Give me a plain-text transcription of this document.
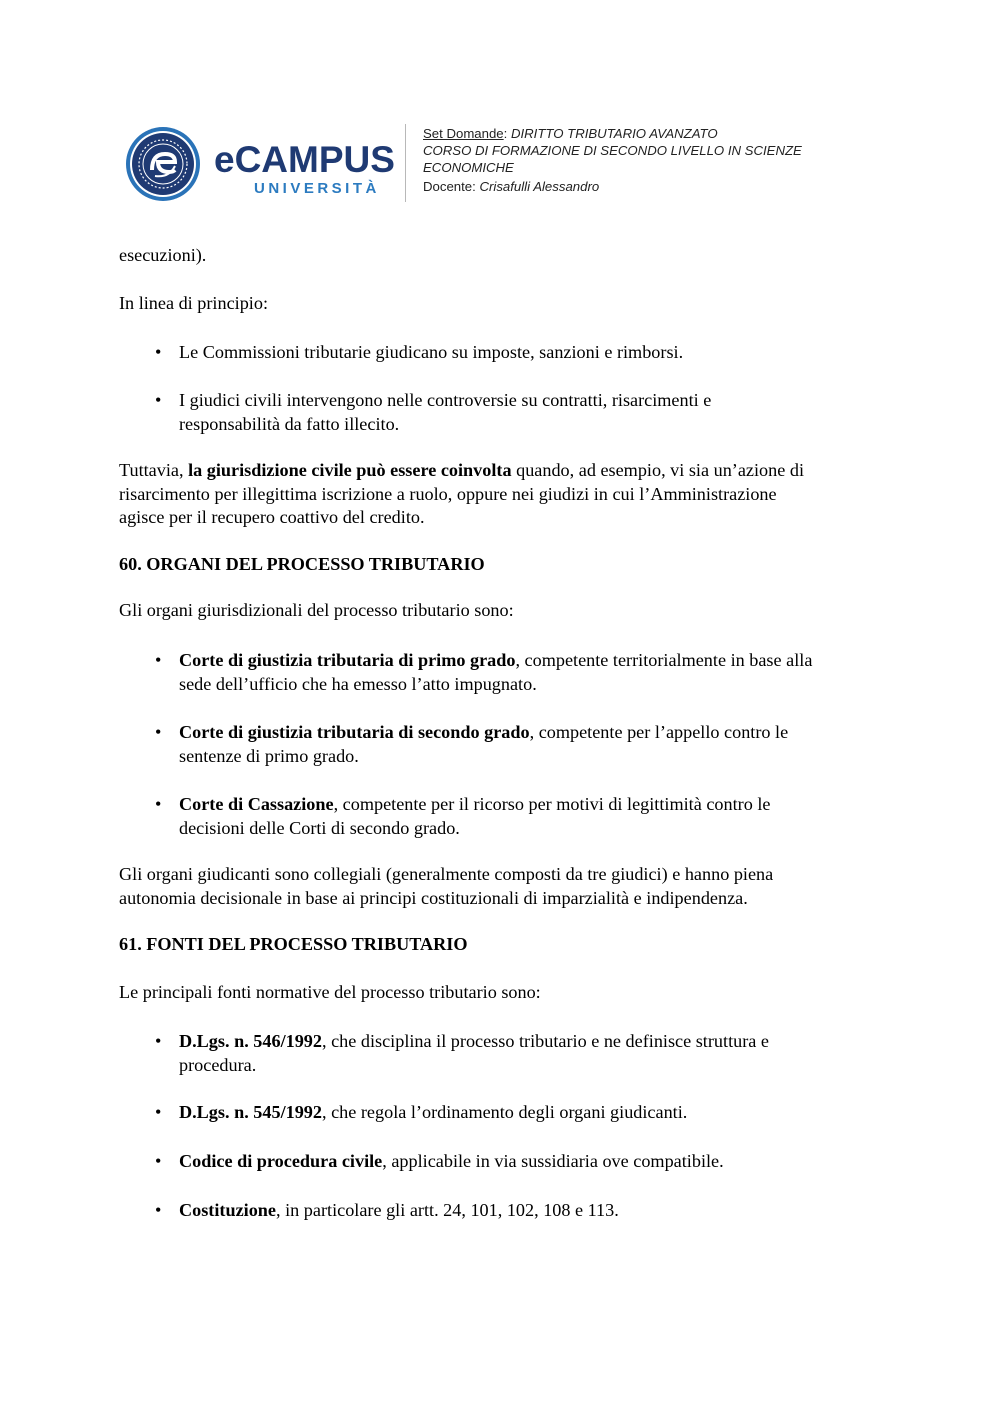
eCAMPUS
UNIVERSITÀ
Set Domande: DIRITTO TRIBUTARIO AVANZATO
CORSO DI FORMAZIONE DI SECONDO LIVELLO IN SCIENZE
ECONOMICHE
Docente: Crisafulli Alessandro

esecuzioni).

In linea di principio:

• Le Commissioni tributarie giudicano su imposte, sanzioni e rimborsi.
• I giudici civili intervengono nelle controversie su contratti, risarcimenti e
responsabilità da fatto illecito.

Tuttavia, la giurisdizione civile può essere coinvolta quando, ad esempio, vi sia un’azione di
risarcimento per illegittima iscrizione a ruolo, oppure nei giudizi in cui l’Amministrazione
agisce per il recupero coattivo del credito.

60. ORGANI DEL PROCESSO TRIBUTARIO

Gli organi giurisdizionali del processo tributario sono:

• Corte di giustizia tributaria di primo grado, competente territorialmente in base alla
sede dell’ufficio che ha emesso l’atto impugnato.
• Corte di giustizia tributaria di secondo grado, competente per l’appello contro le
sentenze di primo grado.
• Corte di Cassazione, competente per il ricorso per motivi di legittimità contro le
decisioni delle Corti di secondo grado.

Gli organi giudicanti sono collegiali (generalmente composti da tre giudici) e hanno piena
autonomia decisionale in base ai principi costituzionali di imparzialità e indipendenza.

61. FONTI DEL PROCESSO TRIBUTARIO

Le principali fonti normative del processo tributario sono:

• D.Lgs. n. 546/1992, che disciplina il processo tributario e ne definisce struttura e
procedura.
• D.Lgs. n. 545/1992, che regola l’ordinamento degli organi giudicanti.
• Codice di procedura civile, applicabile in via sussidiaria ove compatibile.
• Costituzione, in particolare gli artt. 24, 101, 102, 108 e 113.
